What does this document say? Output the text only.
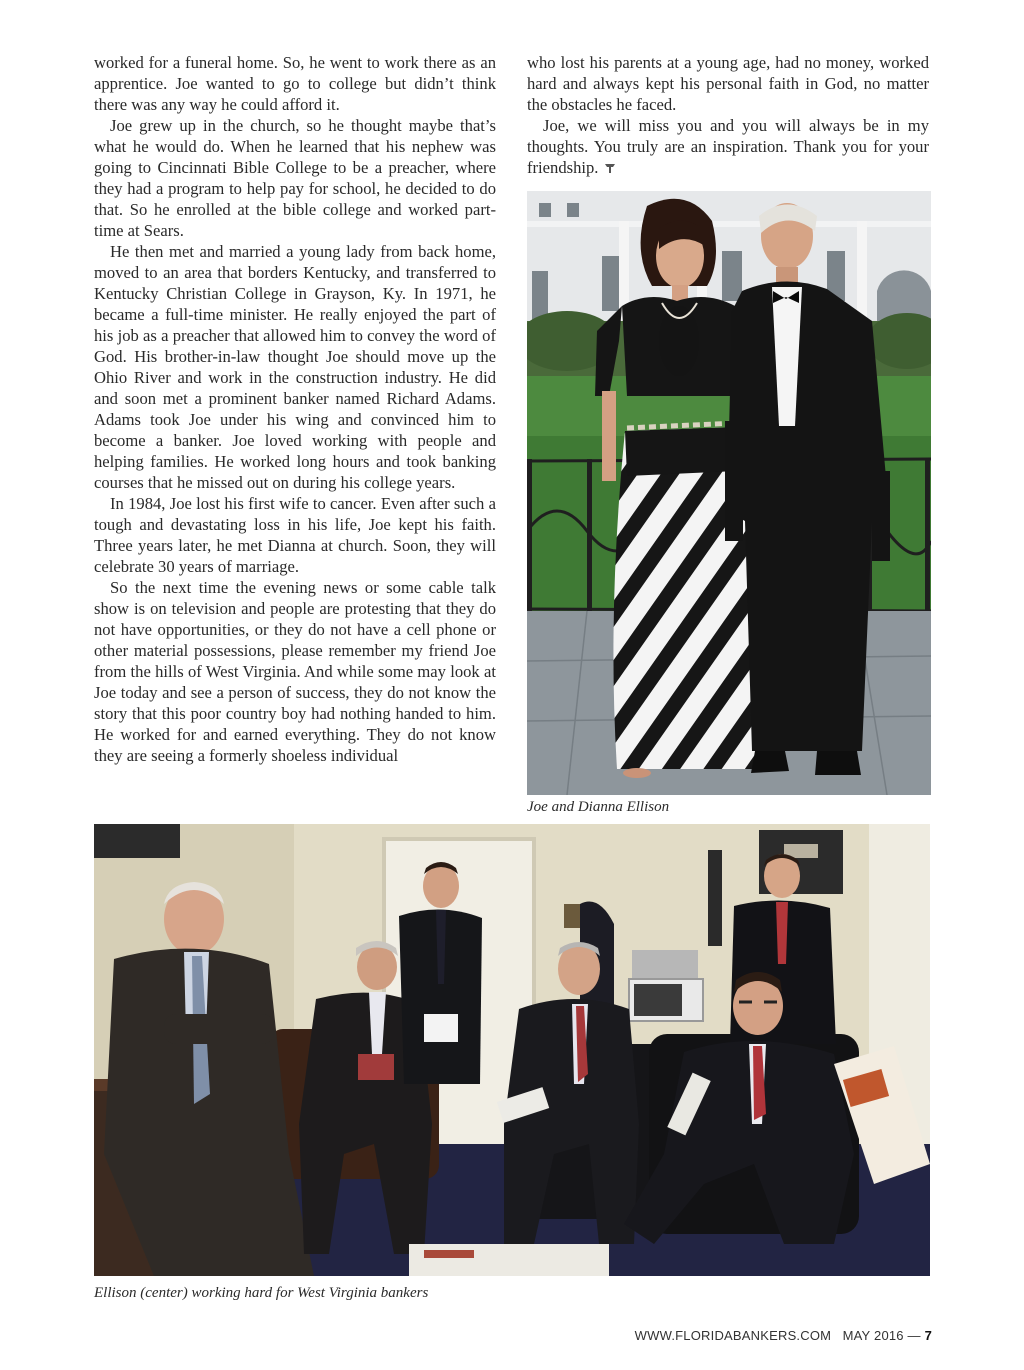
worked for a funeral home. So, he went to work there as an apprentice. Joe wanted to go to college but didn’t think there was any way he could afford it.

Joe grew up in the church, so he thought maybe that’s what he would do. When he learned that his nephew was going to Cincinnati Bible College to be a preacher, where they had a program to help pay for school, he decided to do that. So he enrolled at the bible college and worked part-time at Sears.

He then met and married a young lady from back home, moved to an area that borders Kentucky, and transferred to Kentucky Christian College in Grayson, Ky. In 1971, he became a full-time minister. He really enjoyed the part of his job as a preacher that allowed him to convey the word of God. His brother-in-law thought Joe should move up the Ohio River and work in the construction industry. He did and soon met a prominent banker named Richard Adams. Adams took Joe under his wing and convinced him to become a banker. Joe loved working with people and helping families. He worked long hours and took banking courses that he missed out on during his college years.

In 1984, Joe lost his first wife to cancer. Even after such a tough and devastating loss in his life, Joe kept his faith. Three years later, he met Dianna at church. Soon, they will celebrate 30 years of marriage.

So the next time the evening news or some cable talk show is on television and people are protesting that they do not have opportunities, or they do not have a cell phone or other material possessions, please remember my friend Joe from the hills of West Virginia. And while some may look at Joe today and see a person of success, they do not know the story that this poor country boy had nothing handed to him. He worked for and earned everything. They do not know they are seeing a formerly shoeless individual

who lost his parents at a young age, had no money, worked hard and always kept his personal faith in God, no matter the obstacles he faced.

Joe, we will miss you and you will always be in my thoughts. You truly are an inspiration. Thank you for your friendship.

Joe and Dianna Ellison
Ellison (center) working hard for West Virginia bankers
WWW.FLORIDABANKERS.COM MAY 2016 — 7
